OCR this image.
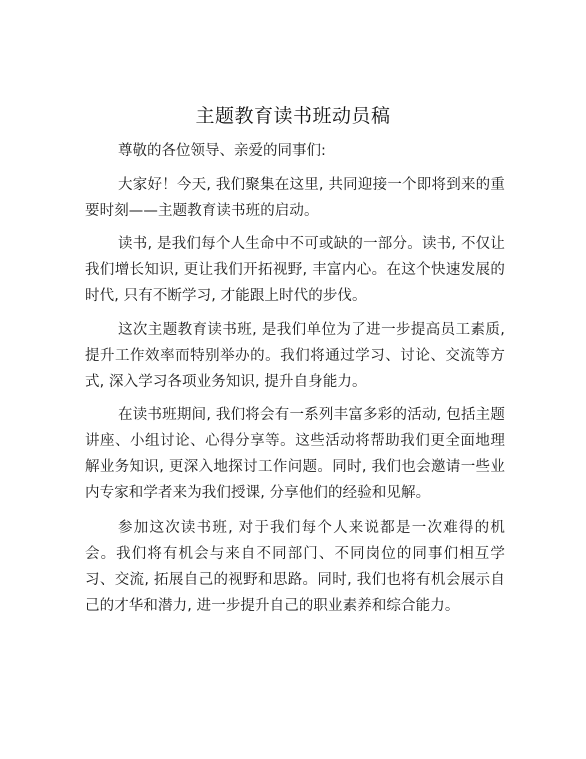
主题教育读书班动员稿
尊敬的各位领导、亲爱的同事们:

大家好！今天, 我们聚集在这里, 共同迎接一个即将到来的重要时刻——主题教育读书班的启动。

读书, 是我们每个人生命中不可或缺的一部分。读书, 不仅让我们增长知识, 更让我们开拓视野, 丰富内心。在这个快速发展的时代, 只有不断学习, 才能跟上时代的步伐。

这次主题教育读书班, 是我们单位为了进一步提高员工素质, 提升工作效率而特别举办的。我们将通过学习、讨论、交流等方式, 深入学习各项业务知识, 提升自身能力。

在读书班期间, 我们将会有一系列丰富多彩的活动, 包括主题讲座、小组讨论、心得分享等。这些活动将帮助我们更全面地理解业务知识, 更深入地探讨工作问题。同时, 我们也会邀请一些业内专家和学者来为我们授课, 分享他们的经验和见解。

参加这次读书班, 对于我们每个人来说都是一次难得的机会。我们将有机会与来自不同部门、不同岗位的同事们相互学习、交流, 拓展自己的视野和思路。同时, 我们也将有机会展示自己的才华和潜力, 进一步提升自己的职业素养和综合能力。
